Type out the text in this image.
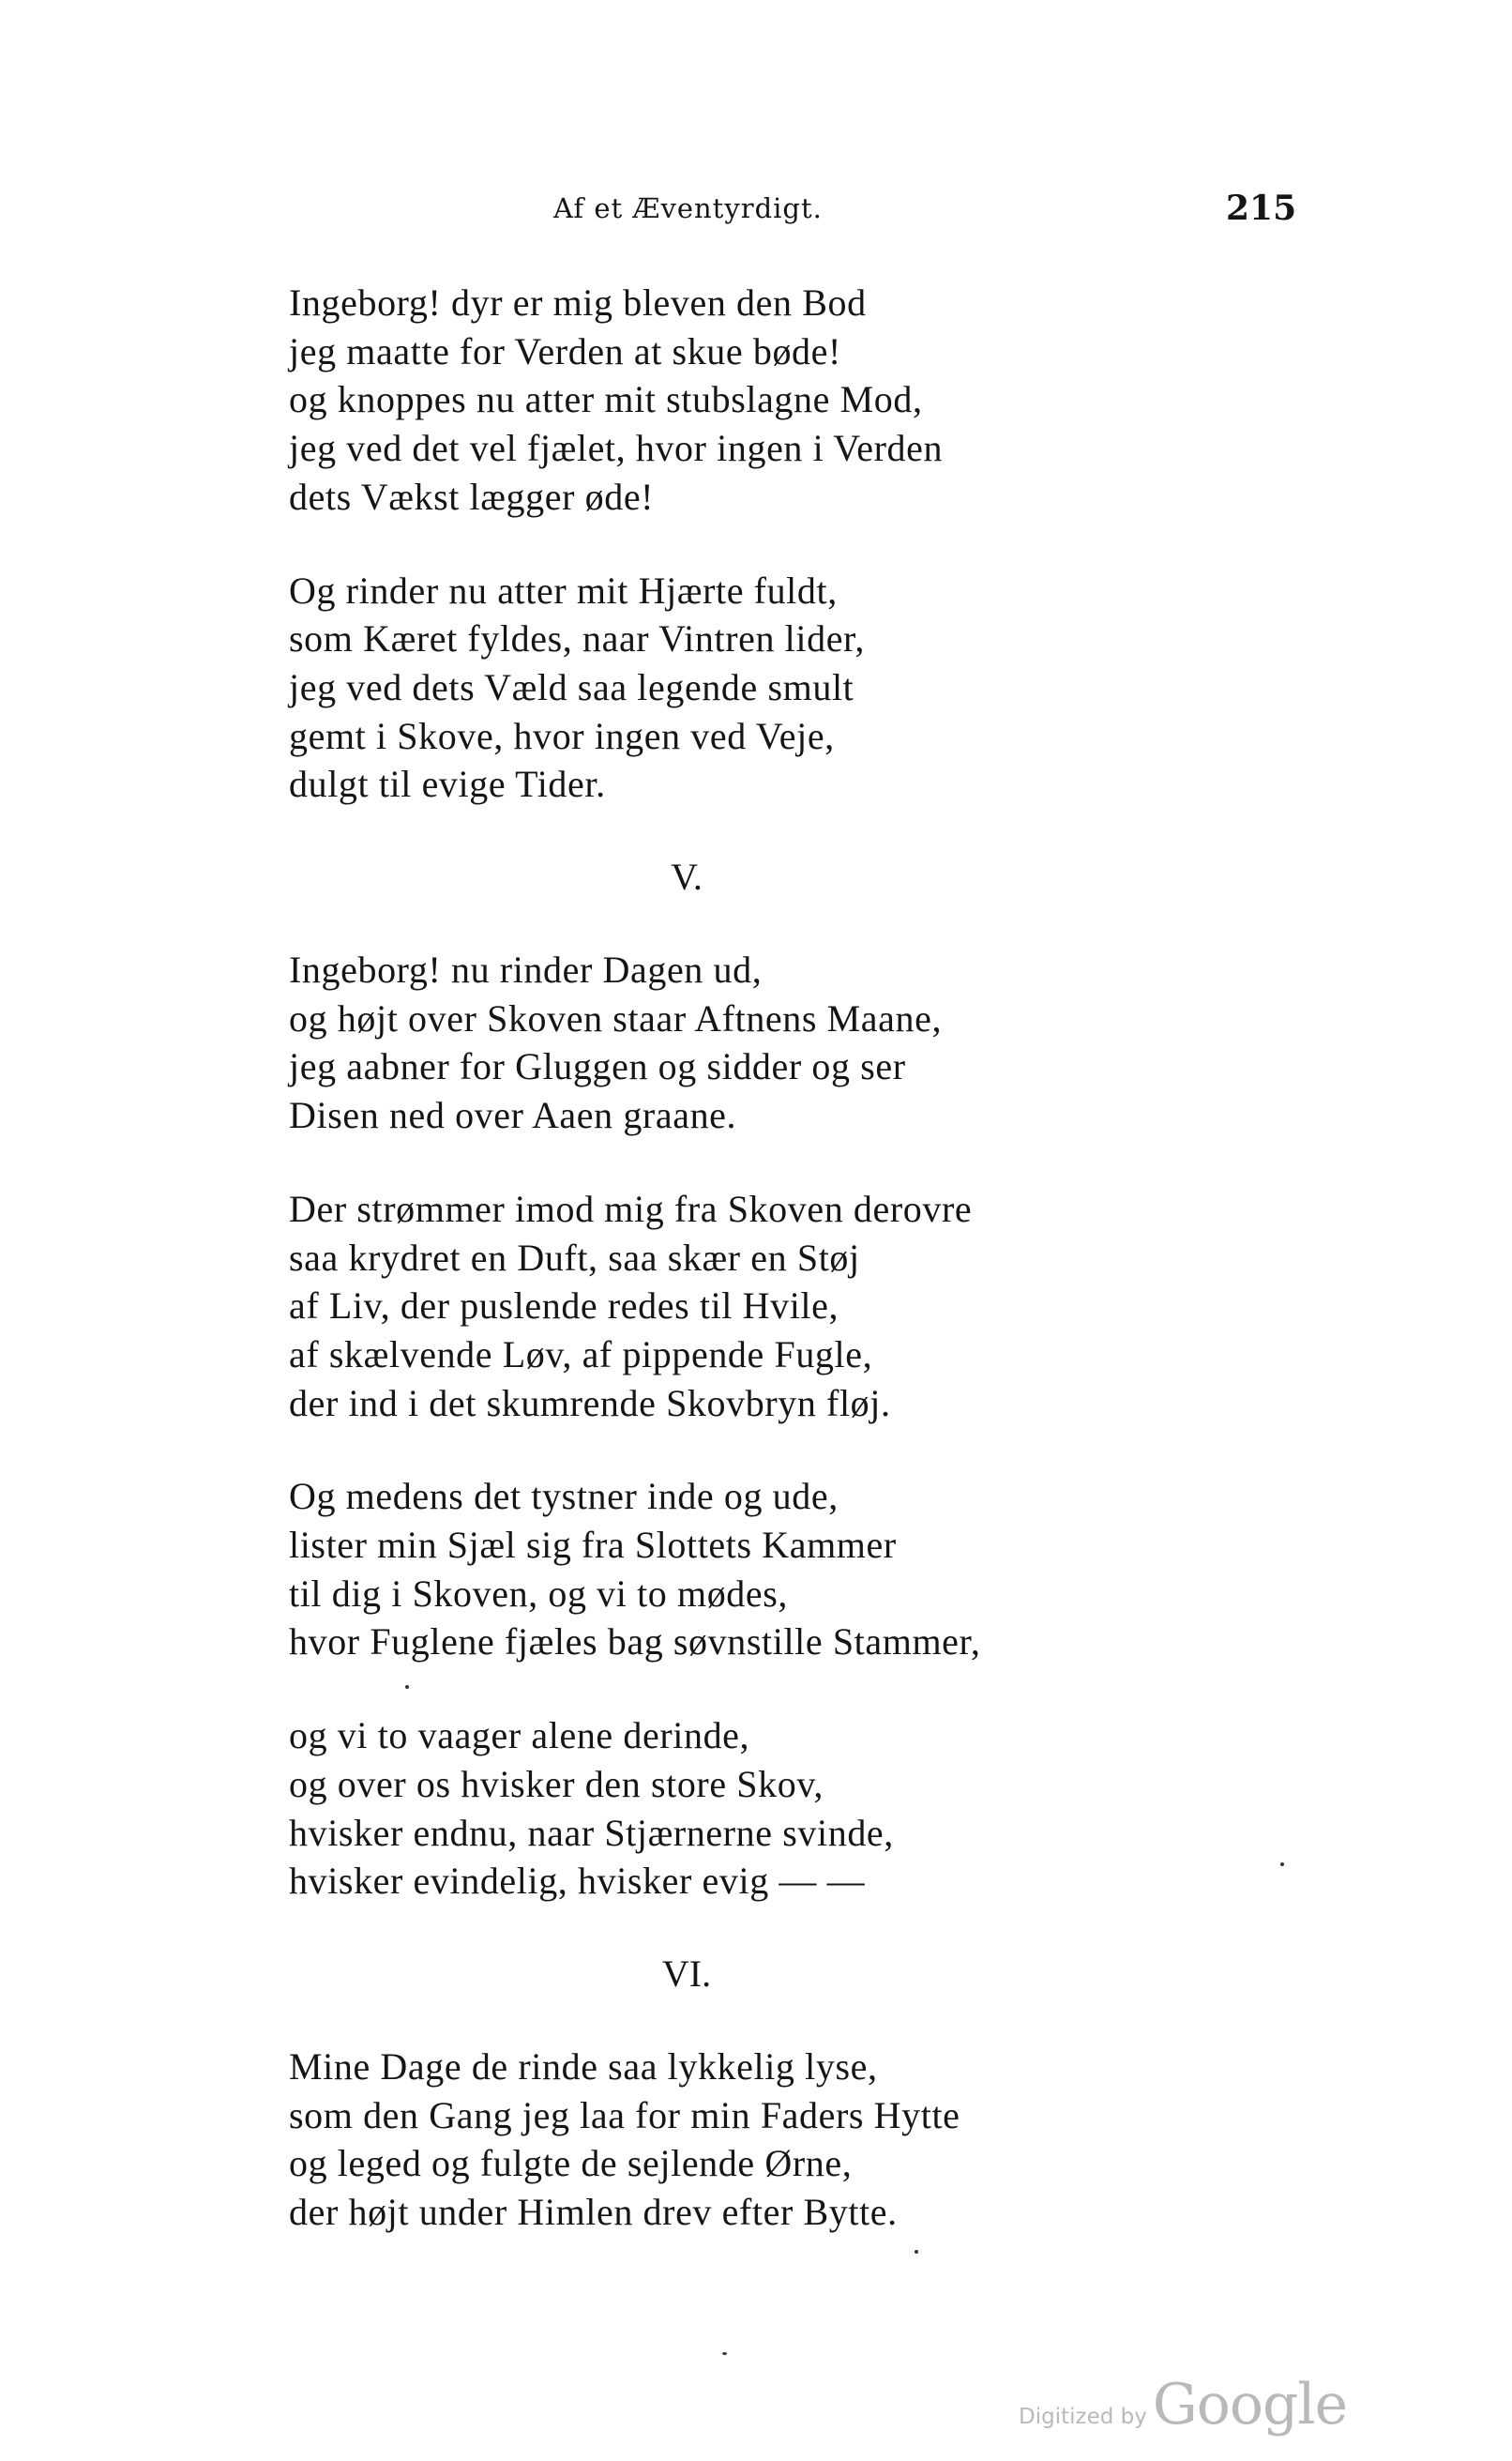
Af et Æventyrdigt.	215
Ingeborg! dyr er mig bleven den Bod
jeg maatte for Verden at skue bøde!
og knoppes nu atter mit stubslagne Mod,
jeg ved det vel fjælet, hvor ingen i Verden
dets Vækst lægger øde!
Og rinder nu atter mit Hjærte fuldt,
som Kæret fyldes, naar Vintren lider,
jeg ved dets Væld saa legende smult
gemt i Skove, hvor ingen ved Veje,
dulgt til evige Tider.
V.
Ingeborg! nu rinder Dagen ud,
og højt over Skoven staar Aftnens Maane,
jeg aabner for Gluggen og sidder og ser
Disen ned over Aaen graane.
Der strømmer imod mig fra Skoven derovre
saa krydret en Duft, saa skær en Støj
af Liv, der puslende redes til Hvile,
af skælvende Løv, af pippende Fugle,
der ind i det skumrende Skovbryn fløj.
Og medens det tystner inde og ude,
lister min Sjæl sig fra Slottets Kammer
til dig i Skoven, og vi to mødes,
hvor Fuglene fjæles bag søvnstille Stammer,
og vi to vaager alene derinde,
og over os hvisker den store Skov,
hvisker endnu, naar Stjærnerne svinde,
hvisker evindelig, hvisker evig — —
VI.
Mine Dage de rinde saa lykkelig lyse,
som den Gang jeg laa for min Faders Hytte
og leged og fulgte de sejlende Ørne,
der højt under Himlen drev efter Bytte.
Digitized by Google
